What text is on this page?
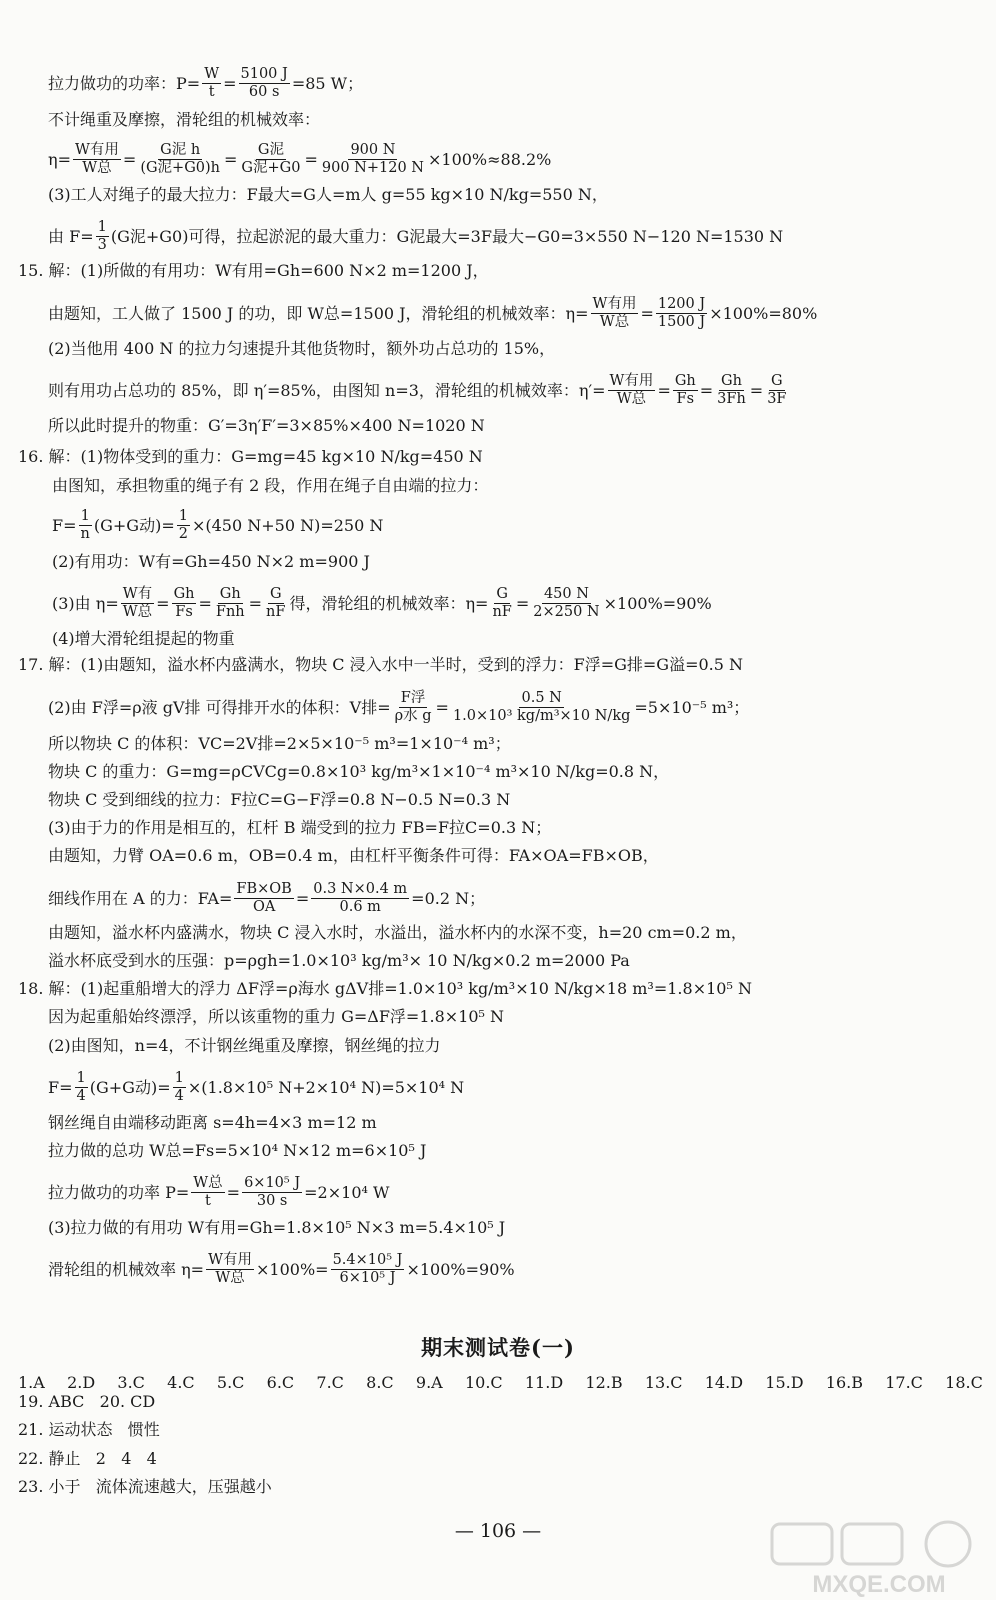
拉力做功的功率：$P= \frac{W}{t} = \frac{5100 J}{60 s} =85$ W；
不计绳重及摩擦，滑轮组的机械效率：
$\eta= \frac{\text{W有用}}{\text{W总}} = \frac{\text{G泥 h}}{\text{(G泥+G0)h}} = \frac{\text{G泥}}{\text{G泥+G0}} = \frac{900 N}{900 N+120 N} \times 100\%\approx 88.2\%$
(3)工人对绳子的最大拉力：F最大=G人=m人 g=55 kg×10 N/kg=550 N，
由 $F= \frac{1}{3} (G$泥+G0)可得，拉起淤泥的最大重力：G泥最大=3F最大−G0=3×550 N−120 N=1530 N
15. 解：(1)所做的有用功：W有用=Gh=600 N×2 m=1200 J，
由题知，工人做了 1500 J 的功，即 W总=1500 J，滑轮组的机械效率：$\eta= \frac{\text{W有用}}{\text{W总}} = \frac{1200 J}{1500 J} \times 100\%=80\%$
(2)当他用 400 N 的拉力匀速提升其他货物时，额外功占总功的 15%，
则有用功占总功的 85%，即 η′=85%，由图知 n=3，滑轮组的机械效率：$\eta'= \frac{\text{W有用}}{\text{W总}} = \frac{Gh}{Fs} = \frac{Gh}{3Fh} = \frac{G}{3F}$
所以此时提升的物重：G′=3η′F′=3×85%×400 N=1020 N
16. 解：(1)物体受到的重力：G=mg=45 kg×10 N/kg=450 N
由图知，承担物重的绳子有 2 段，作用在绳子自由端的拉力：
$F= \frac{1}{n} (G+G$动)= $\frac{1}{2} \times(450$ N+50 N)=250 N
(2)有用功：W有=Gh=450 N×2 m=900 J
(3)由 $\eta= \frac{\text{W有}}{\text{W总}} = \frac{Gh}{Fs} = \frac{Gh}{\text{Fnh}} = \frac{G}{nF}$ 得，滑轮组的机械效率：$\eta= \frac{G}{nF} = \frac{450 N}{2\times 250 N} \times 100\%=90\%$
(4)增大滑轮组提起的物重
17. 解：(1)由题知，溢水杯内盛满水，物块 C 浸入水中一半时，受到的浮力：F浮=G排=G溢=0.5 N
(2)由 F浮=ρ液 gV排 可得排开水的体积：V排= $\frac{\text{F浮}}{\text{ρ水 g}} = \frac{0.5 N}{\text{1.0×10³ kg/m³×10 N/kg}} =5\times 10^{-5}$ m³；
所以物块 C 的体积：VC=2V排=2×5×10⁻⁵ m³=1×10⁻⁴ m³；
物块 C 的重力：G=mg=ρCVCg=0.8×10³ kg/m³×1×10⁻⁴ m³×10 N/kg=0.8 N，
物块 C 受到细线的拉力：F拉C=G−F浮=0.8 N−0.5 N=0.3 N
(3)由于力的作用是相互的，杠杆 B 端受到的拉力 FB=F拉C=0.3 N；
由题知，力臂 OA=0.6 m，OB=0.4 m，由杠杆平衡条件可得：FA×OA=FB×OB，
细线作用在 A 的力：$FA= \frac{FB\times OB}{OA} = \frac{0.3 N\times 0.4 m}{0.6 m} =0.2$ N；
由题知，溢水杯内盛满水，物块 C 浸入水时，水溢出，溢水杯内的水深不变，h=20 cm=0.2 m，
溢水杯底受到水的压强：p=ρgh=1.0×10³ kg/m³× 10 N/kg×0.2 m=2000 Pa
18. 解：(1)起重船增大的浮力 ΔF浮=ρ海水 gΔV排=1.0×10³ kg/m³×10 N/kg×18 m³=1.8×10⁵ N
因为起重船始终漂浮，所以该重物的重力 G=ΔF浮=1.8×10⁵ N
(2)由图知，n=4，不计钢丝绳重及摩擦，钢丝绳的拉力
$F= \frac{1}{4} (G+G$动)= $\frac{1}{4} \times(1.8\times 10^5$ N+2×10⁴ N)=5×10⁴ N
钢丝绳自由端移动距离 s=4h=4×3 m=12 m
拉力做的总功 W总=Fs=5×10⁴ N×12 m=6×10⁵ J
拉力做功的功率 $P= \frac{\text{W总}}{t} = \frac{\text{6×10⁵ J}}{30 s} =2\times 10^4$ W
(3)拉力做的有用功 W有用=Gh=1.8×10⁵ N×3 m=5.4×10⁵ J
滑轮组的机械效率 $\eta= \frac{\text{W有用}}{\text{W总}} \times 100\%= \frac{\text{5.4×10⁵ J}}{\text{6×10⁵ J}} \times 100\%=90\%$
期末测试卷(一)
1.A 2.D 3.C 4.C 5.C 6.C 7.C 8.C 9.A 10.C 11.D 12.B 13.C 14.D 15.D 16.B 17.C 18.C
19. ABC   20. CD
21. 运动状态   惯性
22. 静止   2   4   4
23. 小于   流体流速越大，压强越小
— 106 —
MXQE.COM
